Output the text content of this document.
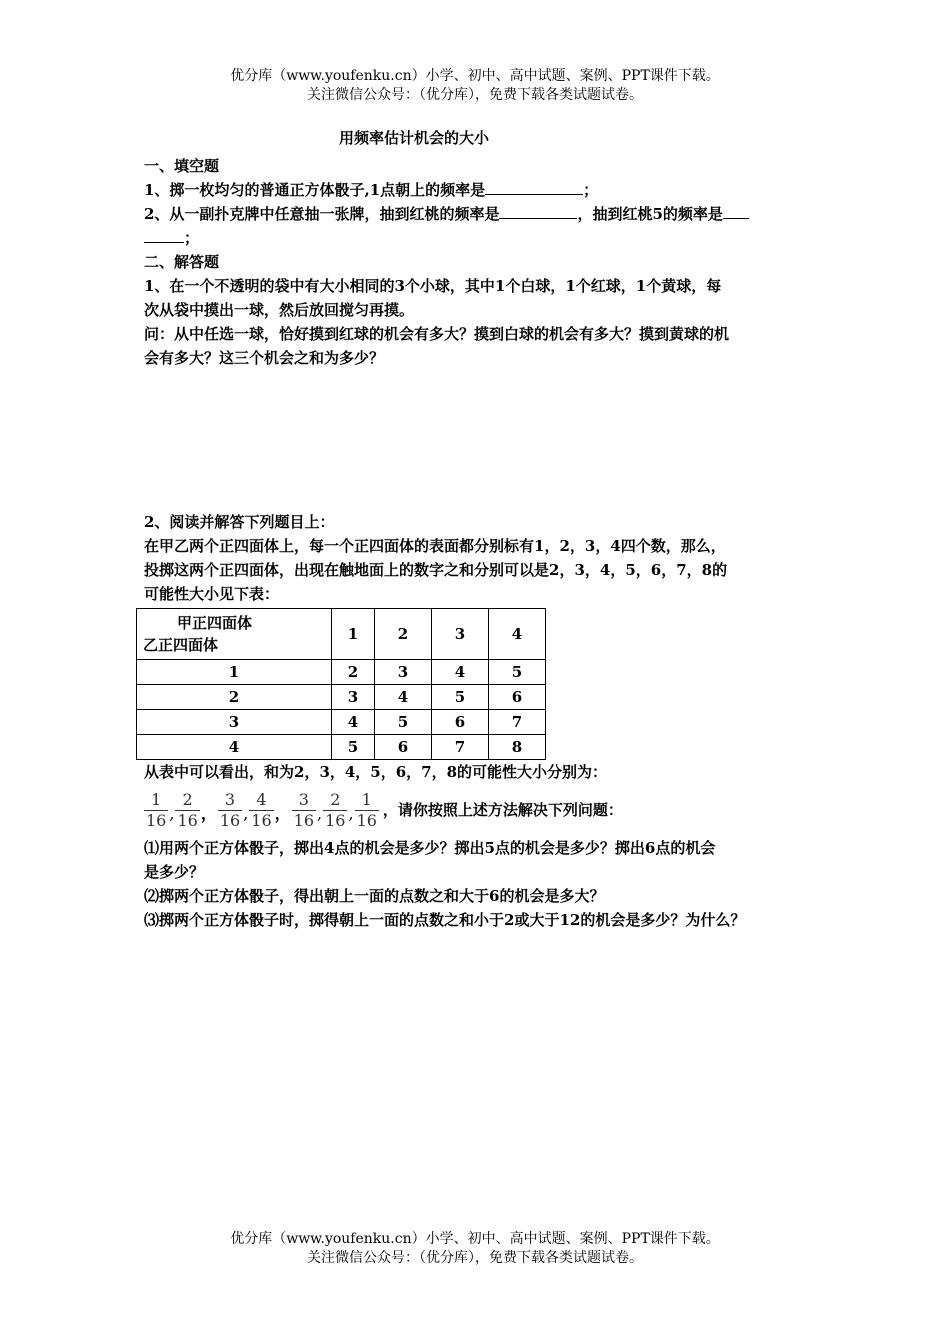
优分库（www.youfenku.cn）小学、初中、高中试题、案例、PPT课件下载。
关注微信公众号：（优分库），免费下载各类试题试卷。

用频率估计机会的大小

一、填空题

1、掷一枚均匀的普通正方体骰子,1点朝上的频率是	；

2、从一副扑克牌中任意抽一张牌，抽到红桃的频率是	，抽到红桃5的频率是

；

二、解答题

1、在一个不透明的袋中有大小相同的3个小球，其中1个白球，1个红球，1个黄球，每

次从袋中摸出一球，然后放回搅匀再摸。

问：从中任选一球，恰好摸到红球的机会有多大？摸到白球的机会有多大？摸到黄球的机

会有多大？这三个机会之和为多少？

2、阅读并解答下列题目上：

在甲乙两个正四面体上，每一个正四面体的表面都分别标有1，2，3，4四个数，那么，

投掷这两个正四面体，出现在触地面上的数字之和分别可以是2，3，4，5，6，7，8的

可能性大小见下表：

甲正四面体
乙正四面体	1	2	3	4
1	2	3	4	5
2	3	4	5	6
3	4	5	6	7
4	5	6	7	8

从表中可以看出，和为2，3，4，5，6，7，8的可能性大小分别为：

$\frac{1}{16}$ , $\frac{2}{16}$ ， $\frac{3}{16}$ , $\frac{4}{16}$ ， $\frac{3}{16}$ , $\frac{2}{16}$ , $\frac{1}{16}$ ，请你按照上述方法解决下列问题：

⑴用两个正方体骰子，掷出4点的机会是多少？掷出5点的机会是多少？掷出6点的机会

是多少？

⑵掷两个正方体骰子，得出朝上一面的点数之和大于6的机会是多大？

⑶掷两个正方体骰子时，掷得朝上一面的点数之和小于2或大于12的机会是多少？为什么？

优分库（www.youfenku.cn）小学、初中、高中试题、案例、PPT课件下载。
关注微信公众号：（优分库），免费下载各类试题试卷。
